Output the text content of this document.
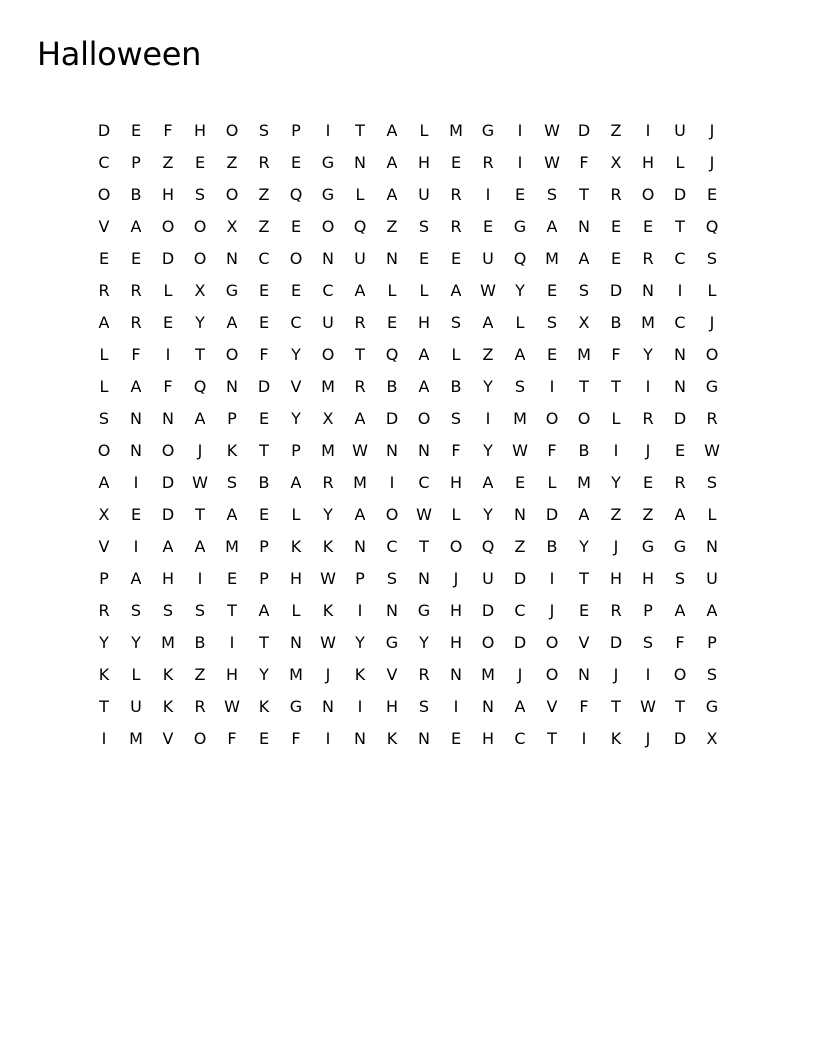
Halloween
D	E	F	H	O	S	P	I	T	A	L	M	G	I	W	D	Z	I	U	J
C	P	Z	E	Z	R	E	G	N	A	H	E	R	I	W	F	X	H	L	J
O	B	H	S	O	Z	Q	G	L	A	U	R	I	E	S	T	R	O	D	E
V	A	O	O	X	Z	E	O	Q	Z	S	R	E	G	A	N	E	E	T	Q
E	E	D	O	N	C	O	N	U	N	E	E	U	Q	M	A	E	R	C	S
R	R	L	X	G	E	E	C	A	L	L	A	W	Y	E	S	D	N	I	L
A	R	E	Y	A	E	C	U	R	E	H	S	A	L	S	X	B	M	C	J
L	F	I	T	O	F	Y	O	T	Q	A	L	Z	A	E	M	F	Y	N	O
L	A	F	Q	N	D	V	M	R	B	A	B	Y	S	I	T	T	I	N	G
S	N	N	A	P	E	Y	X	A	D	O	S	I	M	O	O	L	R	D	R
O	N	O	J	K	T	P	M	W	N	N	F	Y	W	F	B	I	J	E	W
A	I	D	W	S	B	A	R	M	I	C	H	A	E	L	M	Y	E	R	S
X	E	D	T	A	E	L	Y	A	O	W	L	Y	N	D	A	Z	Z	A	L
V	I	A	A	M	P	K	K	N	C	T	O	Q	Z	B	Y	J	G	G	N
P	A	H	I	E	P	H	W	P	S	N	J	U	D	I	T	H	H	S	U
R	S	S	S	T	A	L	K	I	N	G	H	D	C	J	E	R	P	A	A
Y	Y	M	B	I	T	N	W	Y	G	Y	H	O	D	O	V	D	S	F	P
K	L	K	Z	H	Y	M	J	K	V	R	N	M	J	O	N	J	I	O	S
T	U	K	R	W	K	G	N	I	H	S	I	N	A	V	F	T	W	T	G
I	M	V	O	F	E	F	I	N	K	N	E	H	C	T	I	K	J	D	X
